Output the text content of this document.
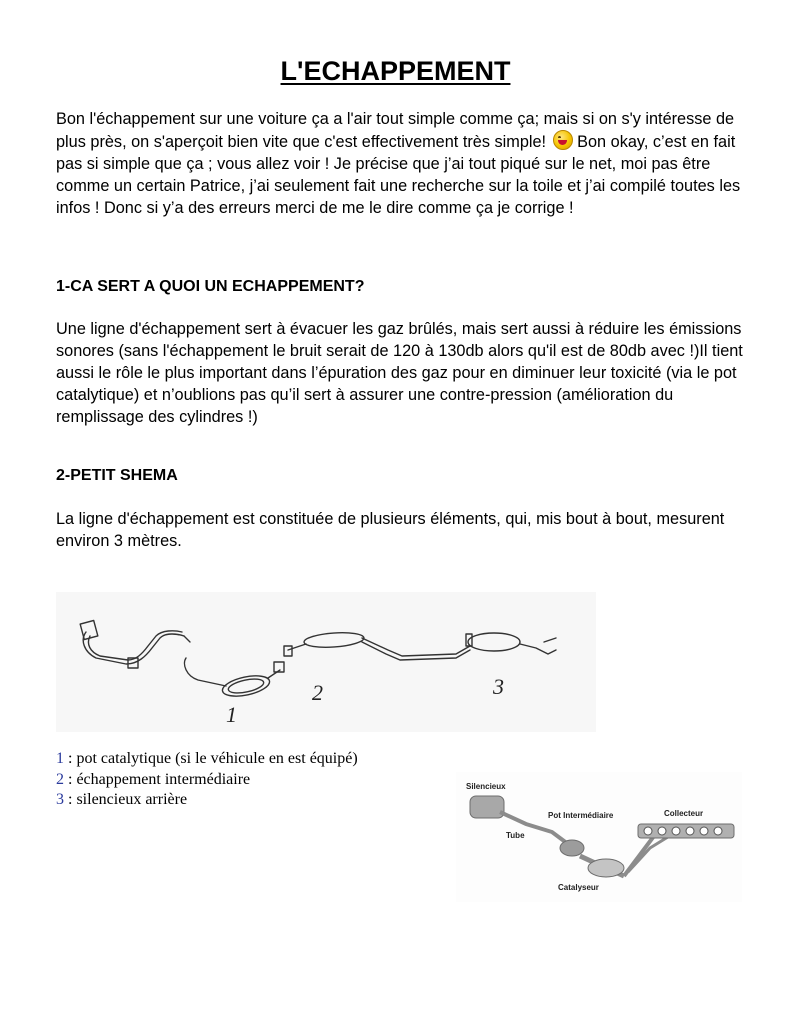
L'ECHAPPEMENT

Bon l'échappement sur une voiture ça a l'air tout simple comme ça; mais si on s'y intéresse de plus près, on s'aperçoit bien vite que c'est effectivement très simple! Bon okay, c’est en fait pas si simple que ça ; vous allez voir ! Je précise que j’ai tout piqué sur le net, moi pas être comme un certain Patrice, j’ai seulement fait une recherche sur la toile et j’ai compilé toutes les infos ! Donc si y’a des erreurs merci de me le dire comme ça je corrige !

1-CA SERT A QUOI UN ECHAPPEMENT?

Une ligne d'échappement sert à évacuer les gaz brûlés, mais sert aussi à réduire les émissions sonores (sans l'échappement le bruit serait de 120 à 130db alors qu'il est de 80db avec !)Il tient aussi le rôle le plus important dans l’épuration des gaz pour en diminuer leur toxicité (via le pot catalytique) et n’oublions pas qu’il sert à assurer une contre-pression (amélioration du remplissage des cylindres !)

2-PETIT SHEMA

La ligne d'échappement est constituée de plusieurs éléments, qui, mis bout à bout, mesurent environ 3 mètres.

1
2	3
1 : pot catalytique (si le véhicule en est équipé)
2 : échappement intermédiaire
3 : silencieux arrière
Silencieux
Pot Intermédiaire	Collecteur
Tube
Catalyseur
